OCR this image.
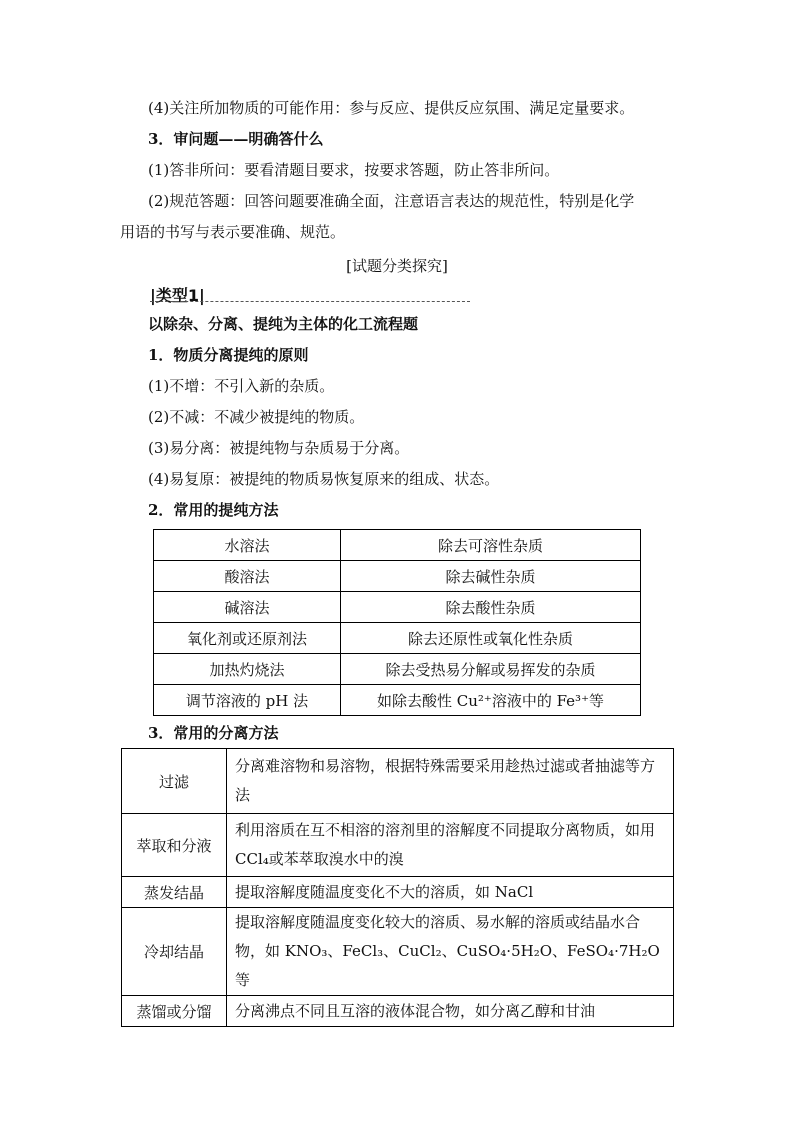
(4)关注所加物质的可能作用：参与反应、提供反应氛围、满足定量要求。
3．审问题——明确答什么
(1)答非所问：要看清题目要求，按要求答题，防止答非所问。
(2)规范答题：回答问题要准确全面，注意语言表达的规范性，特别是化学
用语的书写与表示要准确、规范。
[试题分类探究]
|类型1|
以除杂、分离、提纯为主体的化工流程题
1．物质分离提纯的原则
(1)不增：不引入新的杂质。
(2)不减：不减少被提纯的物质。
(3)易分离：被提纯物与杂质易于分离。
(4)易复原：被提纯的物质易恢复原来的组成、状态。
2．常用的提纯方法
水溶法	除去可溶性杂质
酸溶法	除去碱性杂质
碱溶法	除去酸性杂质
氧化剂或还原剂法	除去还原性或氧化性杂质
加热灼烧法	除去受热易分解或易挥发的杂质
调节溶液的 pH 法	如除去酸性 Cu²⁺溶液中的 Fe³⁺等
3．常用的分离方法
过滤	分离难溶物和易溶物，根据特殊需要采用趁热过滤或者抽滤等方法
萃取和分液	利用溶质在互不相溶的溶剂里的溶解度不同提取分离物质，如用 CCl₄或苯萃取溴水中的溴
蒸发结晶	提取溶解度随温度变化不大的溶质，如 NaCl
冷却结晶	提取溶解度随温度变化较大的溶质、易水解的溶质或结晶水合物，如 KNO₃、FeCl₃、CuCl₂、CuSO₄·5H₂O、FeSO₄·7H₂O 等
蒸馏或分馏	分离沸点不同且互溶的液体混合物，如分离乙醇和甘油
